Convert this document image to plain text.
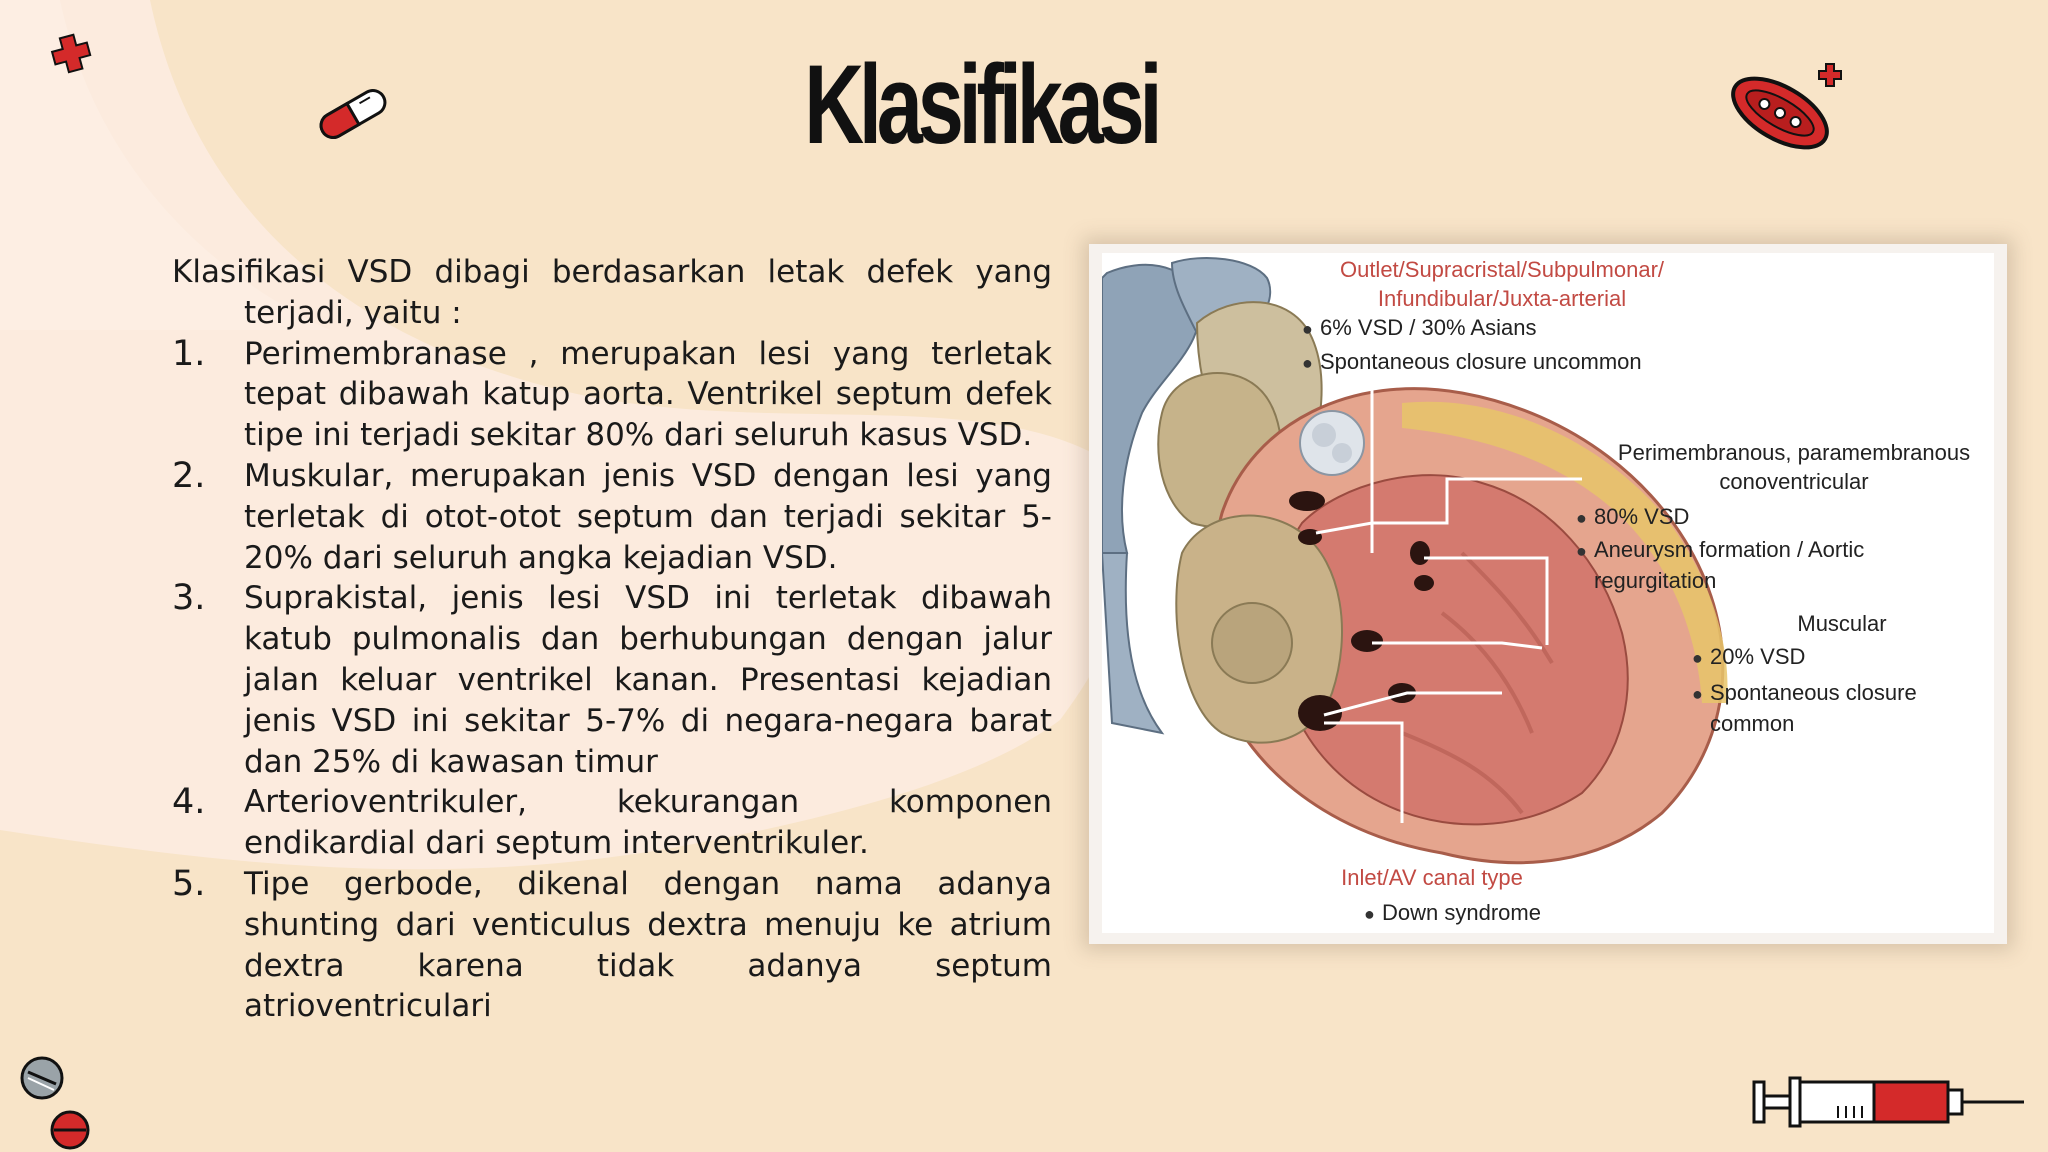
Klasifikasi
Klasifikasi VSD dibagi berdasarkan letak defek yang terjadi, yaitu :
1. Perimembranase , merupakan lesi yang terletak tepat dibawah katup aorta. Ventrikel septum defek tipe ini terjadi sekitar 80% dari seluruh kasus VSD.
2. Muskular, merupakan jenis VSD dengan lesi yang terletak di otot-otot septum dan terjadi sekitar 5-20% dari seluruh angka kejadian VSD.
3. Suprakistal, jenis lesi VSD ini terletak dibawah katub pulmonalis dan berhubungan dengan jalur jalan keluar ventrikel kanan. Presentasi kejadian jenis VSD ini sekitar 5-7% di negara-negara barat dan 25% di kawasan timur
4. Arterioventrikuler, kekurangan komponen endikardial dari septum interventrikuler.
5. Tipe gerbode, dikenal dengan nama adanya shunting dari venticulus dextra menuju ke atrium dextra karena tidak adanya septum atrioventriculari
Outlet/Supracristal/Subpulmonar/
Infundibular/Juxta-arterial
● 6% VSD / 30% Asians
● Spontaneous closure uncommon
Perimembranous, paramembranous
conoventricular
● 80% VSD
● Aneurysm formation / Aortic
regurgitation
Muscular
● 20% VSD
● Spontaneous closure
common
Inlet/AV canal type
● Down syndrome
